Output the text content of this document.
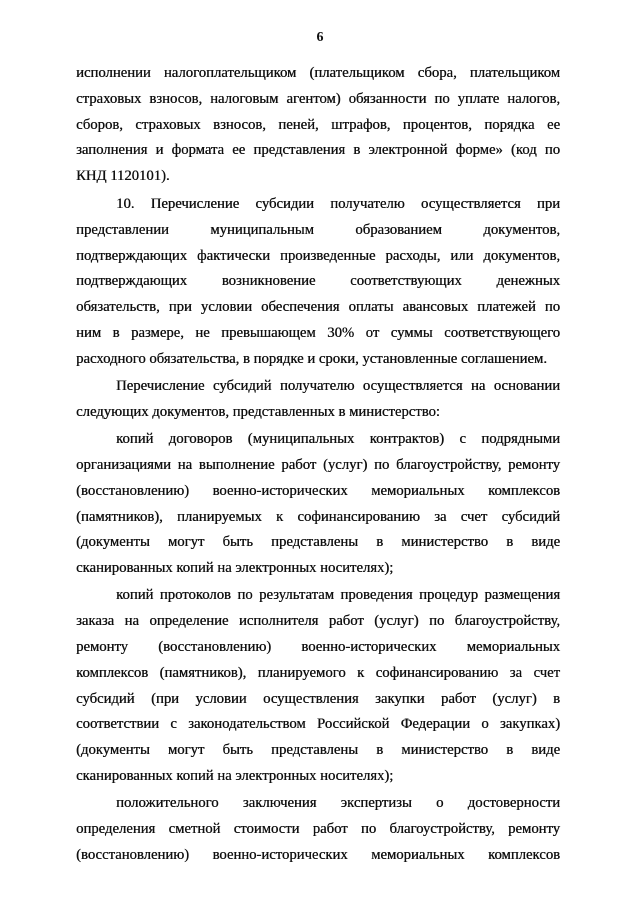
6
исполнении налогоплательщиком (плательщиком сбора, плательщиком
страховых взносов, налоговым агентом) обязанности по уплате налогов,
сборов, страховых взносов, пеней, штрафов, процентов, порядка ее
заполнения и формата ее представления в электронной форме» (код по
КНД 1120101).
10. Перечисление субсидии получателю осуществляется при
представлении муниципальным образованием документов,
подтверждающих фактически произведенные расходы, или документов,
подтверждающих возникновение соответствующих денежных
обязательств, при условии обеспечения оплаты авансовых платежей по
ним в размере, не превышающем 30% от суммы соответствующего
расходного обязательства, в порядке и сроки, установленные соглашением.
Перечисление субсидий получателю осуществляется на основании
следующих документов, представленных в министерство:
копий договоров (муниципальных контрактов) с подрядными
организациями на выполнение работ (услуг) по благоустройству, ремонту
(восстановлению) военно-исторических мемориальных комплексов
(памятников), планируемых к софинансированию за счет субсидий
(документы могут быть представлены в министерство в виде
сканированных копий на электронных носителях);
копий протоколов по результатам проведения процедур размещения
заказа на определение исполнителя работ (услуг) по благоустройству,
ремонту (восстановлению) военно-исторических мемориальных
комплексов (памятников), планируемого к софинансированию за счет
субсидий (при условии осуществления закупки работ (услуг) в
соответствии с законодательством Российской Федерации о закупках)
(документы могут быть представлены в министерство в виде
сканированных копий на электронных носителях);
положительного заключения экспертизы о достоверности
определения сметной стоимости работ по благоустройству, ремонту
(восстановлению) военно-исторических мемориальных комплексов
